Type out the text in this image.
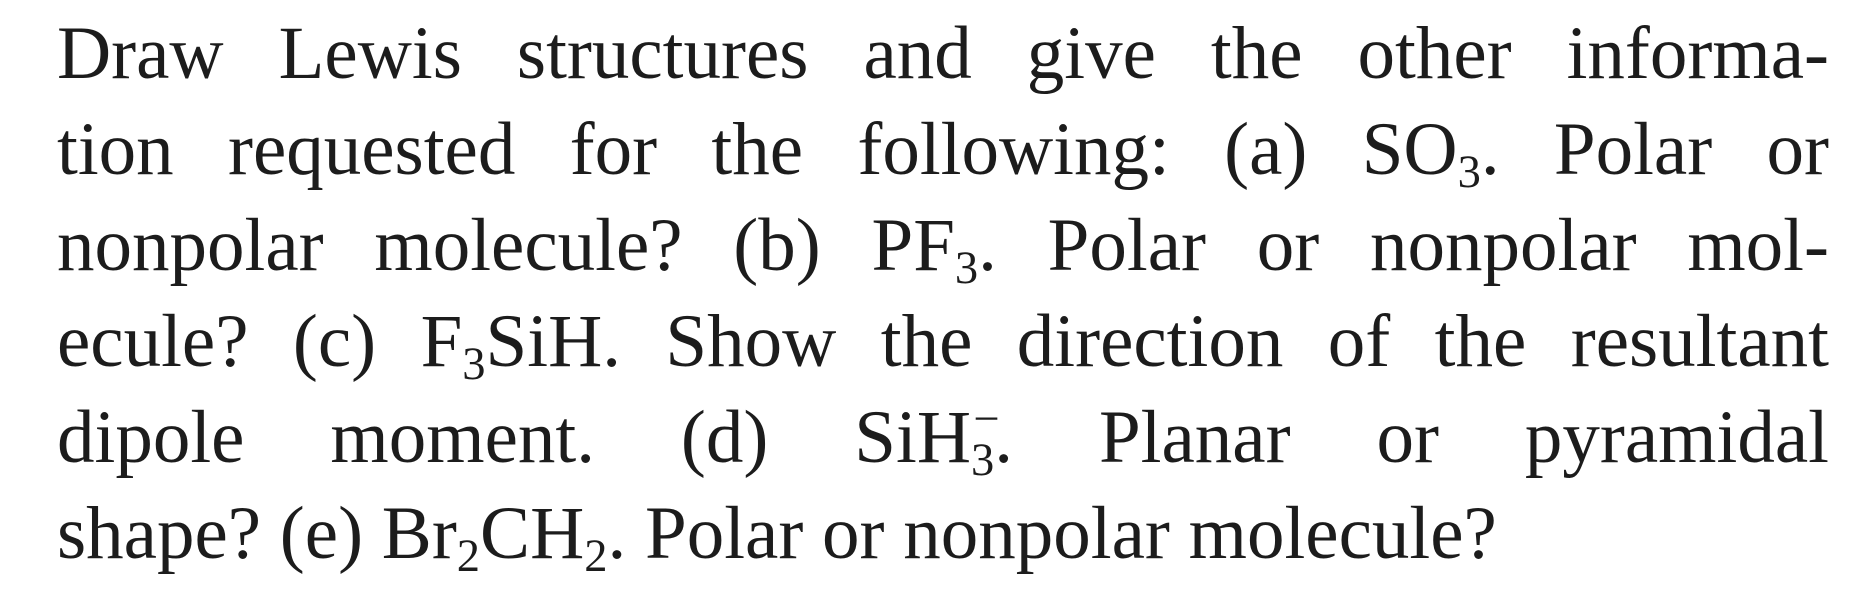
Draw Lewis structures and give the other informa-
tion requested for the following: (a) SO3. Polar or
nonpolar molecule? (b) PF3. Polar or nonpolar mol-
ecule? (c) F3SiH. Show the direction of the resultant
dipole moment. (d) SiH −
3. Planar or pyramidal
shape? (e) Br2CH2. Polar or nonpolar molecule?
